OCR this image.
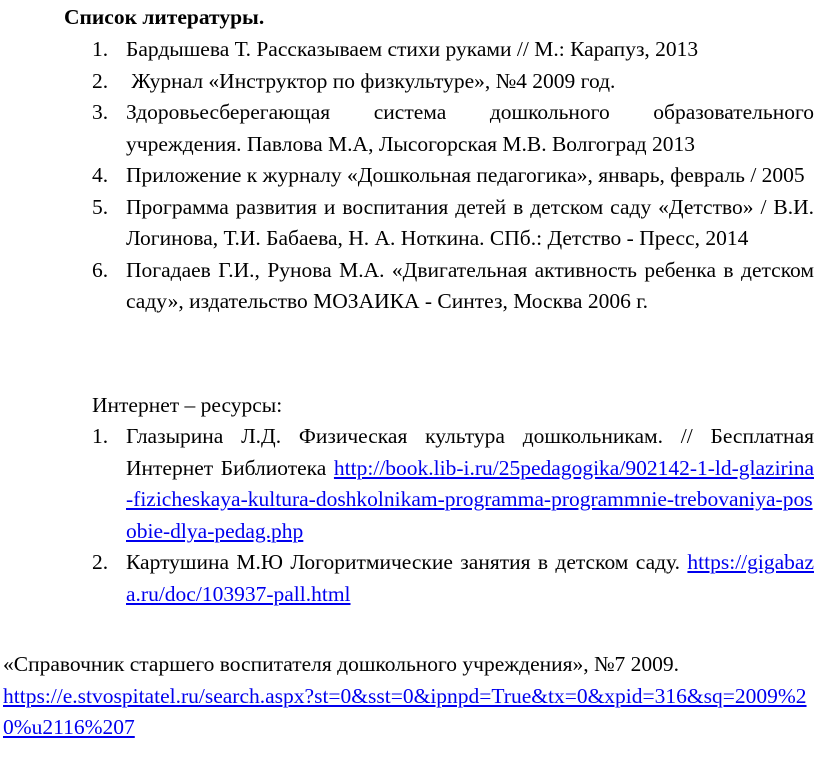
Список литературы.
1. Бардышева Т. Рассказываем стихи руками // М.: Карапуз, 2013
2. Журнал «Инструктор по физкультуре», №4 2009 год.
3. Здоровьесберегающая система дошкольного образовательного учреждения. Павлова М.А, Лысогорская М.В. Волгоград 2013
4. Приложение к журналу «Дошкольная педагогика», январь, февраль / 2005
5. Программа развития и воспитания детей в детском саду «Детство» / В.И. Логинова, Т.И. Бабаева, Н. А. Ноткина. СПб.: Детство - Пресс, 2014
6. Погадаев Г.И., Рунова М.А. «Двигательная активность ребенка в детском саду», издательство МОЗАИКА - Синтез, Москва 2006 г.

Интернет – ресурсы:

1. Глазырина Л.Д. Физическая культура дошкольникам. // Бесплатная Интернет Библиотека http://book.lib-i.ru/25pedagogika/902142-1-ld-glazirina-fizicheskaya-kultura-doshkolnikam-programma-programmnie-trebovaniya-posobie-dlya-pedag.php
2. Картушина М.Ю Логоритмические занятия в детском саду. https://gigabaza.ru/doc/103937-pall.html

«Справочник старшего воспитателя дошкольного учреждения», №7 2009.
https://e.stvospitatel.ru/search.aspx?st=0&sst=0&ipnpd=True&tx=0&xpid=316&sq=2009%20%u2116%207
